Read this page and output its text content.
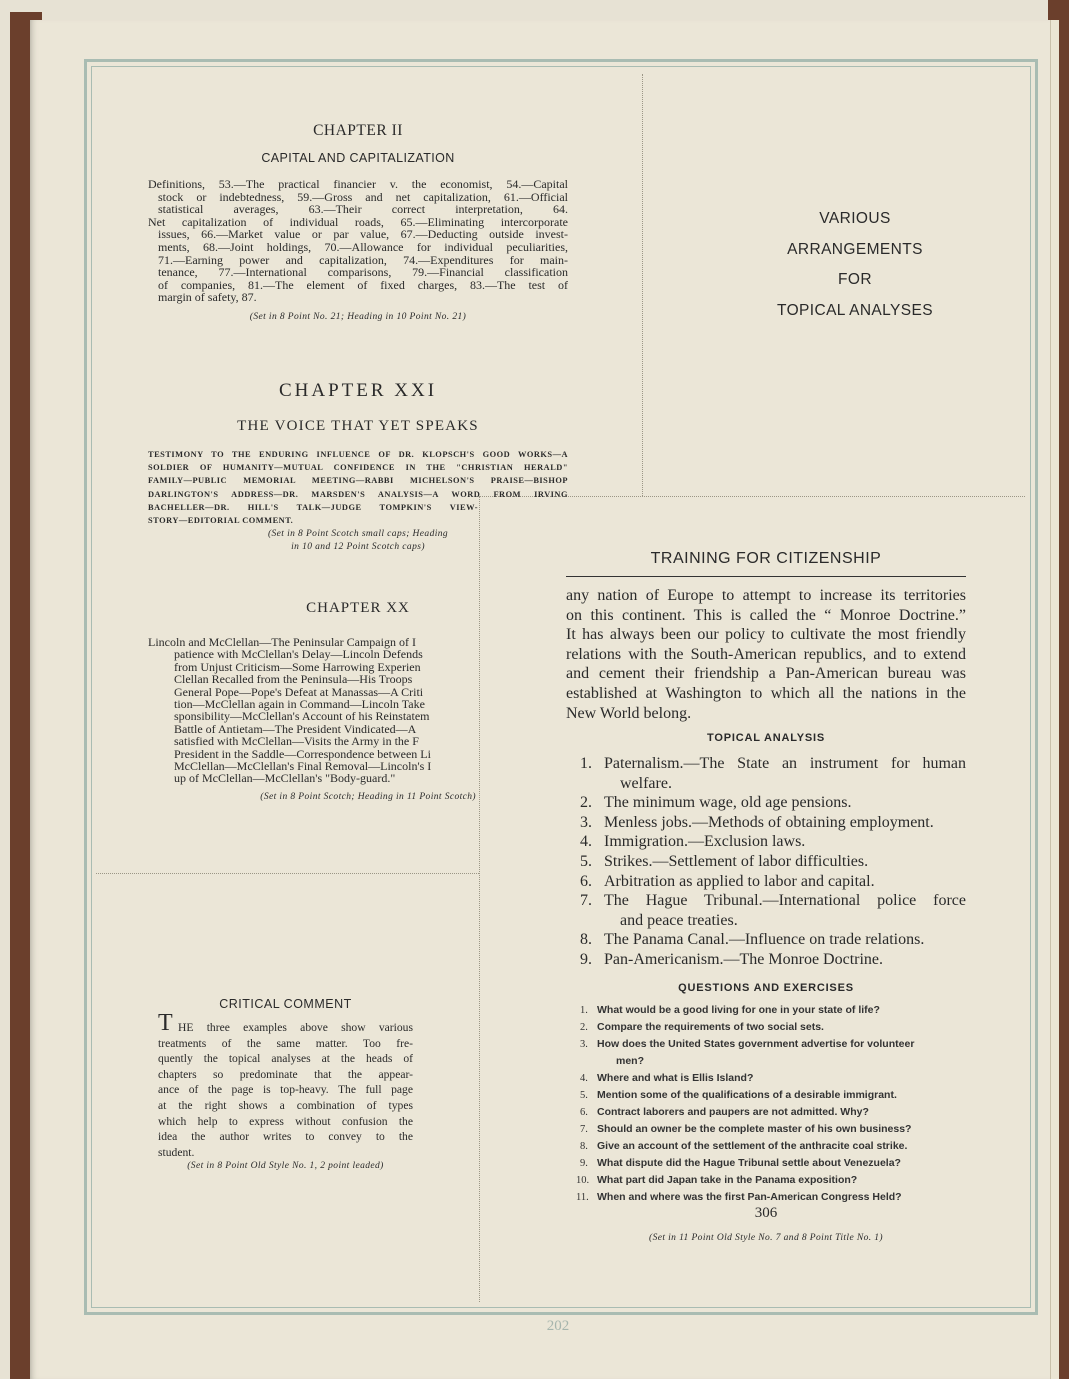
CHAPTER II
CAPITAL AND CAPITALIZATION
Definitions, 53.—The practical financier v. the economist, 54.—Capital
stock or indebtedness, 59.—Gross and net capitalization, 61.—Official
statistical averages, 63.—Their correct interpretation, 64.
Net capitalization of individual roads, 65.—Eliminating intercorporate
issues, 66.—Market value or par value, 67.—Deducting outside invest-
ments, 68.—Joint holdings, 70.—Allowance for individual peculiarities,
71.—Earning power and capitalization, 74.—Expenditures for main-
tenance, 77.—International comparisons, 79.—Financial classification
of companies, 81.—The element of fixed charges, 83.—The test of
margin of safety, 87.
(Set in 8 Point No. 21; Heading in 10 Point No. 21)
CHAPTER XXI
THE VOICE THAT YET SPEAKS
TESTIMONY TO THE ENDURING INFLUENCE OF DR. KLOPSCH'S GOOD WORKS—A
SOLDIER OF HUMANITY—MUTUAL CONFIDENCE IN THE "CHRISTIAN HERALD"
FAMILY—PUBLIC MEMORIAL MEETING—RABBI MICHELSON'S PRAISE—BISHOP
DARLINGTON'S ADDRESS—DR. MARSDEN'S ANALYSIS—A WORD FROM IRVING
BACHELLER—DR. HILL'S TALK—JUDGE TOMPKIN'S VIEW-
STORY—EDITORIAL COMMENT.
(Set in 8 Point Scotch small caps; Heading
in 10 and 12 Point Scotch caps)
CHAPTER XX
Lincoln and McClellan—The Peninsular Campaign of I
patience with McClellan's Delay—Lincoln Defends
from Unjust Criticism—Some Harrowing Experien
Clellan Recalled from the Peninsula—His Troops
General Pope—Pope's Defeat at Manassas—A Criti
tion—McClellan again in Command—Lincoln Take
sponsibility—McClellan's Account of his Reinstatem
Battle of Antietam—The President Vindicated—A
satisfied with McClellan—Visits the Army in the F
President in the Saddle—Correspondence between Li
McClellan—McClellan's Final Removal—Lincoln's I
up of McClellan—McClellan's "Body-guard."
(Set in 8 Point Scotch; Heading in 11 Point Scotch)
CRITICAL COMMENT
T HE three examples above show various
treatments of the same matter. Too fre-
quently the topical analyses at the heads of
chapters so predominate that the appear-
ance of the page is top-heavy. The full page
at the right shows a combination of types
which help to express without confusion the
idea the author writes to convey to the
student.
(Set in 8 Point Old Style No. 1, 2 point leaded)
VARIOUS
ARRANGEMENTS
FOR
TOPICAL ANALYSES
TRAINING FOR CITIZENSHIP
any nation of Europe to attempt to increase its territories
on this continent. This is called the “ Monroe Doctrine.”
It has always been our policy to cultivate the most friendly
relations with the South-American republics, and to extend
and cement their friendship a Pan-American bureau was
established at Washington to which all the nations in the
New World belong.
TOPICAL ANALYSIS
1. Paternalism.—The State an instrument for human
welfare.
2. The minimum wage, old age pensions.
3. Menless jobs.—Methods of obtaining employment.
4. Immigration.—Exclusion laws.
5. Strikes.—Settlement of labor difficulties.
6. Arbitration as applied to labor and capital.
7. The Hague Tribunal.—International police force
and peace treaties.
8. The Panama Canal.—Influence on trade relations.
9. Pan-Americanism.—The Monroe Doctrine.
QUESTIONS AND EXERCISES
1. What would be a good living for one in your state of life?
2. Compare the requirements of two social sets.
3. How does the United States government advertise for volunteer
men?
4. Where and what is Ellis Island?
5. Mention some of the qualifications of a desirable immigrant.
6. Contract laborers and paupers are not admitted. Why?
7. Should an owner be the complete master of his own business?
8. Give an account of the settlement of the anthracite coal strike.
9. What dispute did the Hague Tribunal settle about Venezuela?
10. What part did Japan take in the Panama exposition?
11. When and where was the first Pan-American Congress Held?
306
(Set in 11 Point Old Style No. 7 and 8 Point Title No. 1)
202
